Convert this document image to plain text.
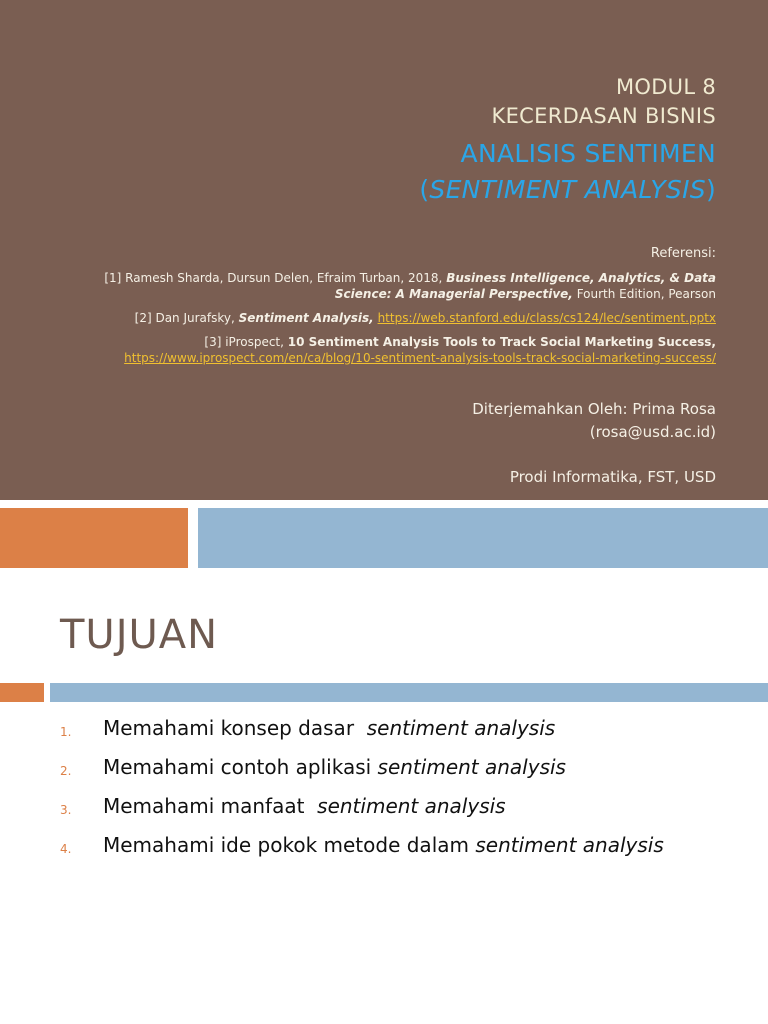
MODUL 8
KECERDASAN BISNIS
ANALISIS SENTIMEN
(SENTIMENT ANALYSIS)
Referensi:
[1] Ramesh Sharda, Dursun Delen, Efraim Turban, 2018, Business Intelligence, Analytics, & Data Science: A Managerial Perspective, Fourth Edition, Pearson
[2] Dan Jurafsky, Sentiment Analysis, https://web.stanford.edu/class/cs124/lec/sentiment.pptx
[3] iProspect, 10 Sentiment Analysis Tools to Track Social Marketing Success,
https://www.iprospect.com/en/ca/blog/10-sentiment-analysis-tools-track-social-marketing-success/
Diterjemahkan Oleh: Prima Rosa
(rosa@usd.ac.id)
Prodi Informatika, FST, USD
TUJUAN
1. Memahami konsep dasar  sentiment analysis
2. Memahami contoh aplikasi sentiment analysis
3. Memahami manfaat  sentiment analysis
4. Memahami ide pokok metode dalam sentiment analysis
